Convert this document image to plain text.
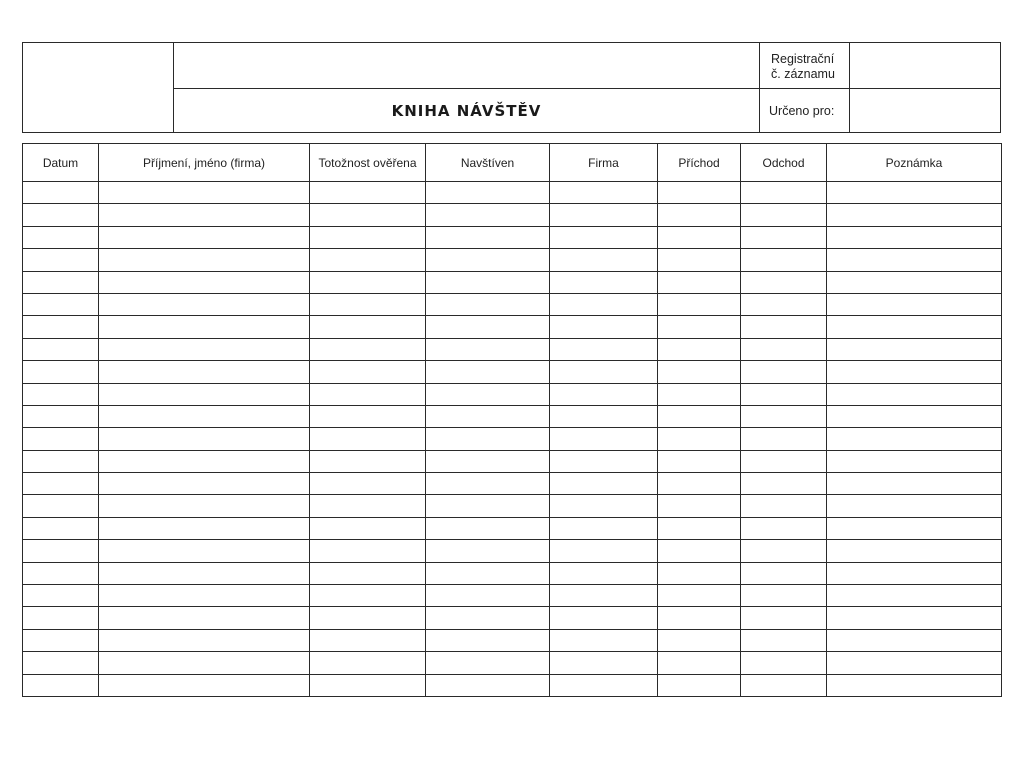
KNIHA NÁVŠTĚV
Registrační
č. záznamu
Určeno pro:
Datum	Příjmení, jméno (firma)	Totožnost ověřena	Navštíven	Firma	Příchod	Odchod	Poznámka
